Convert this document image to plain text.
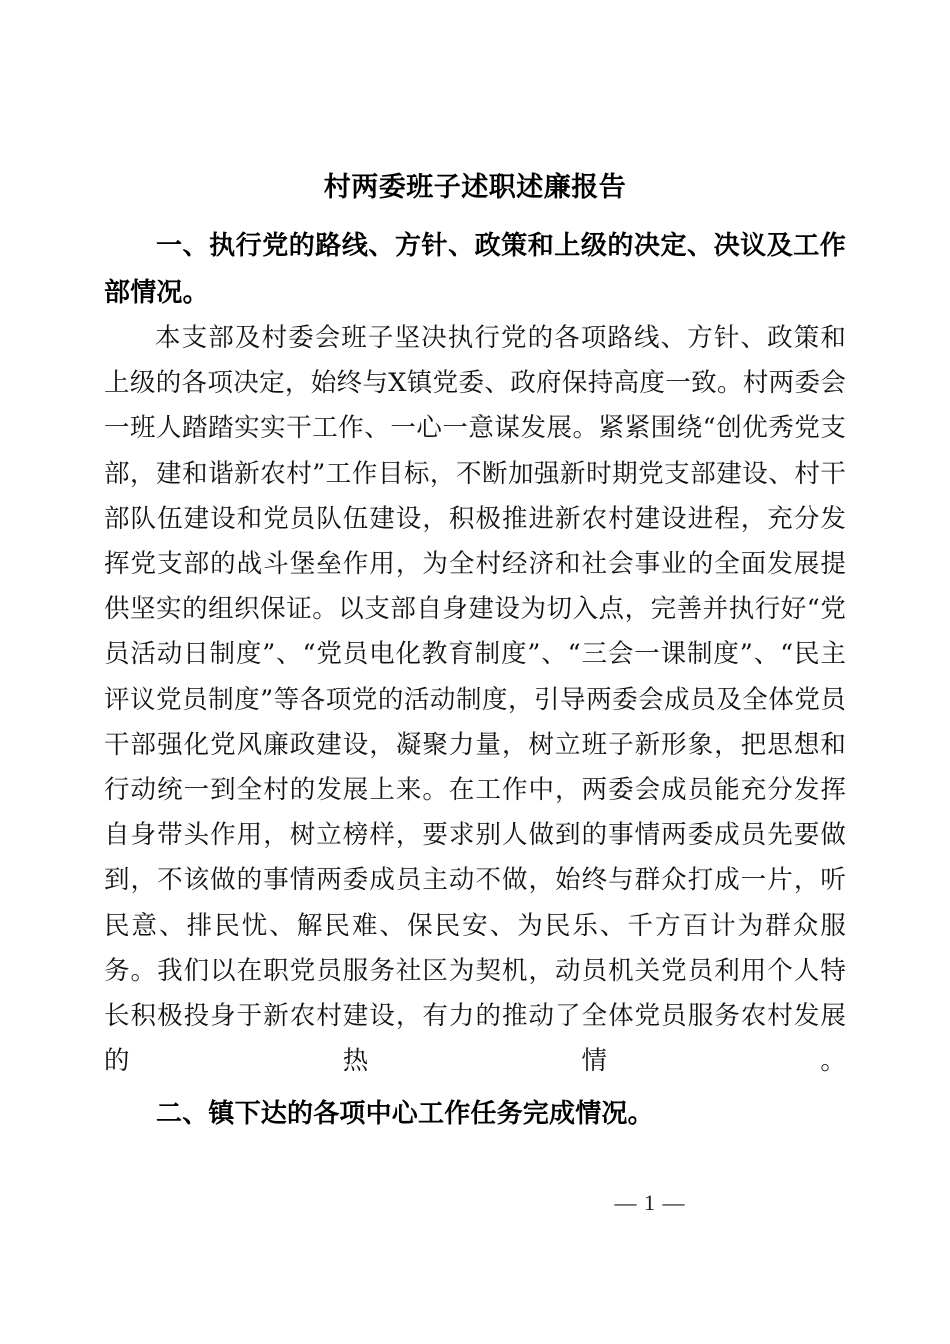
村两委班子述职述廉报告

一、执行党的路线、方针、政策和上级的决定、决议及工作部情况。

本支部及村委会班子坚决执行党的各项路线、方针、政策和上级的各项决定，始终与X镇党委、政府保持高度一致。村两委会一班人踏踏实实干工作、一心一意谋发展。紧紧围绕“创优秀党支部，建和谐新农村”工作目标，不断加强新时期党支部建设、村干部队伍建设和党员队伍建设，积极推进新农村建设进程，充分发挥党支部的战斗堡垒作用，为全村经济和社会事业的全面发展提供坚实的组织保证。以支部自身建设为切入点，完善并执行好“党员活动日制度”、“党员电化教育制度”、“三会一课制度”、“民主评议党员制度”等各项党的活动制度，引导两委会成员及全体党员干部强化党风廉政建设，凝聚力量，树立班子新形象，把思想和行动统一到全村的发展上来。在工作中，两委会成员能充分发挥自身带头作用，树立榜样，要求别人做到的事情两委成员先要做到，不该做的事情两委成员主动不做，始终与群众打成一片，听民意、排民忧、解民难、保民安、为民乐、千方百计为群众服务。我们以在职党员服务社区为契机，动员机关党员利用个人特长积极投身于新农村建设，有力的推动了全体党员服务农村发展的热情。

二、镇下达的各项中心工作任务完成情况。

— 1 —
